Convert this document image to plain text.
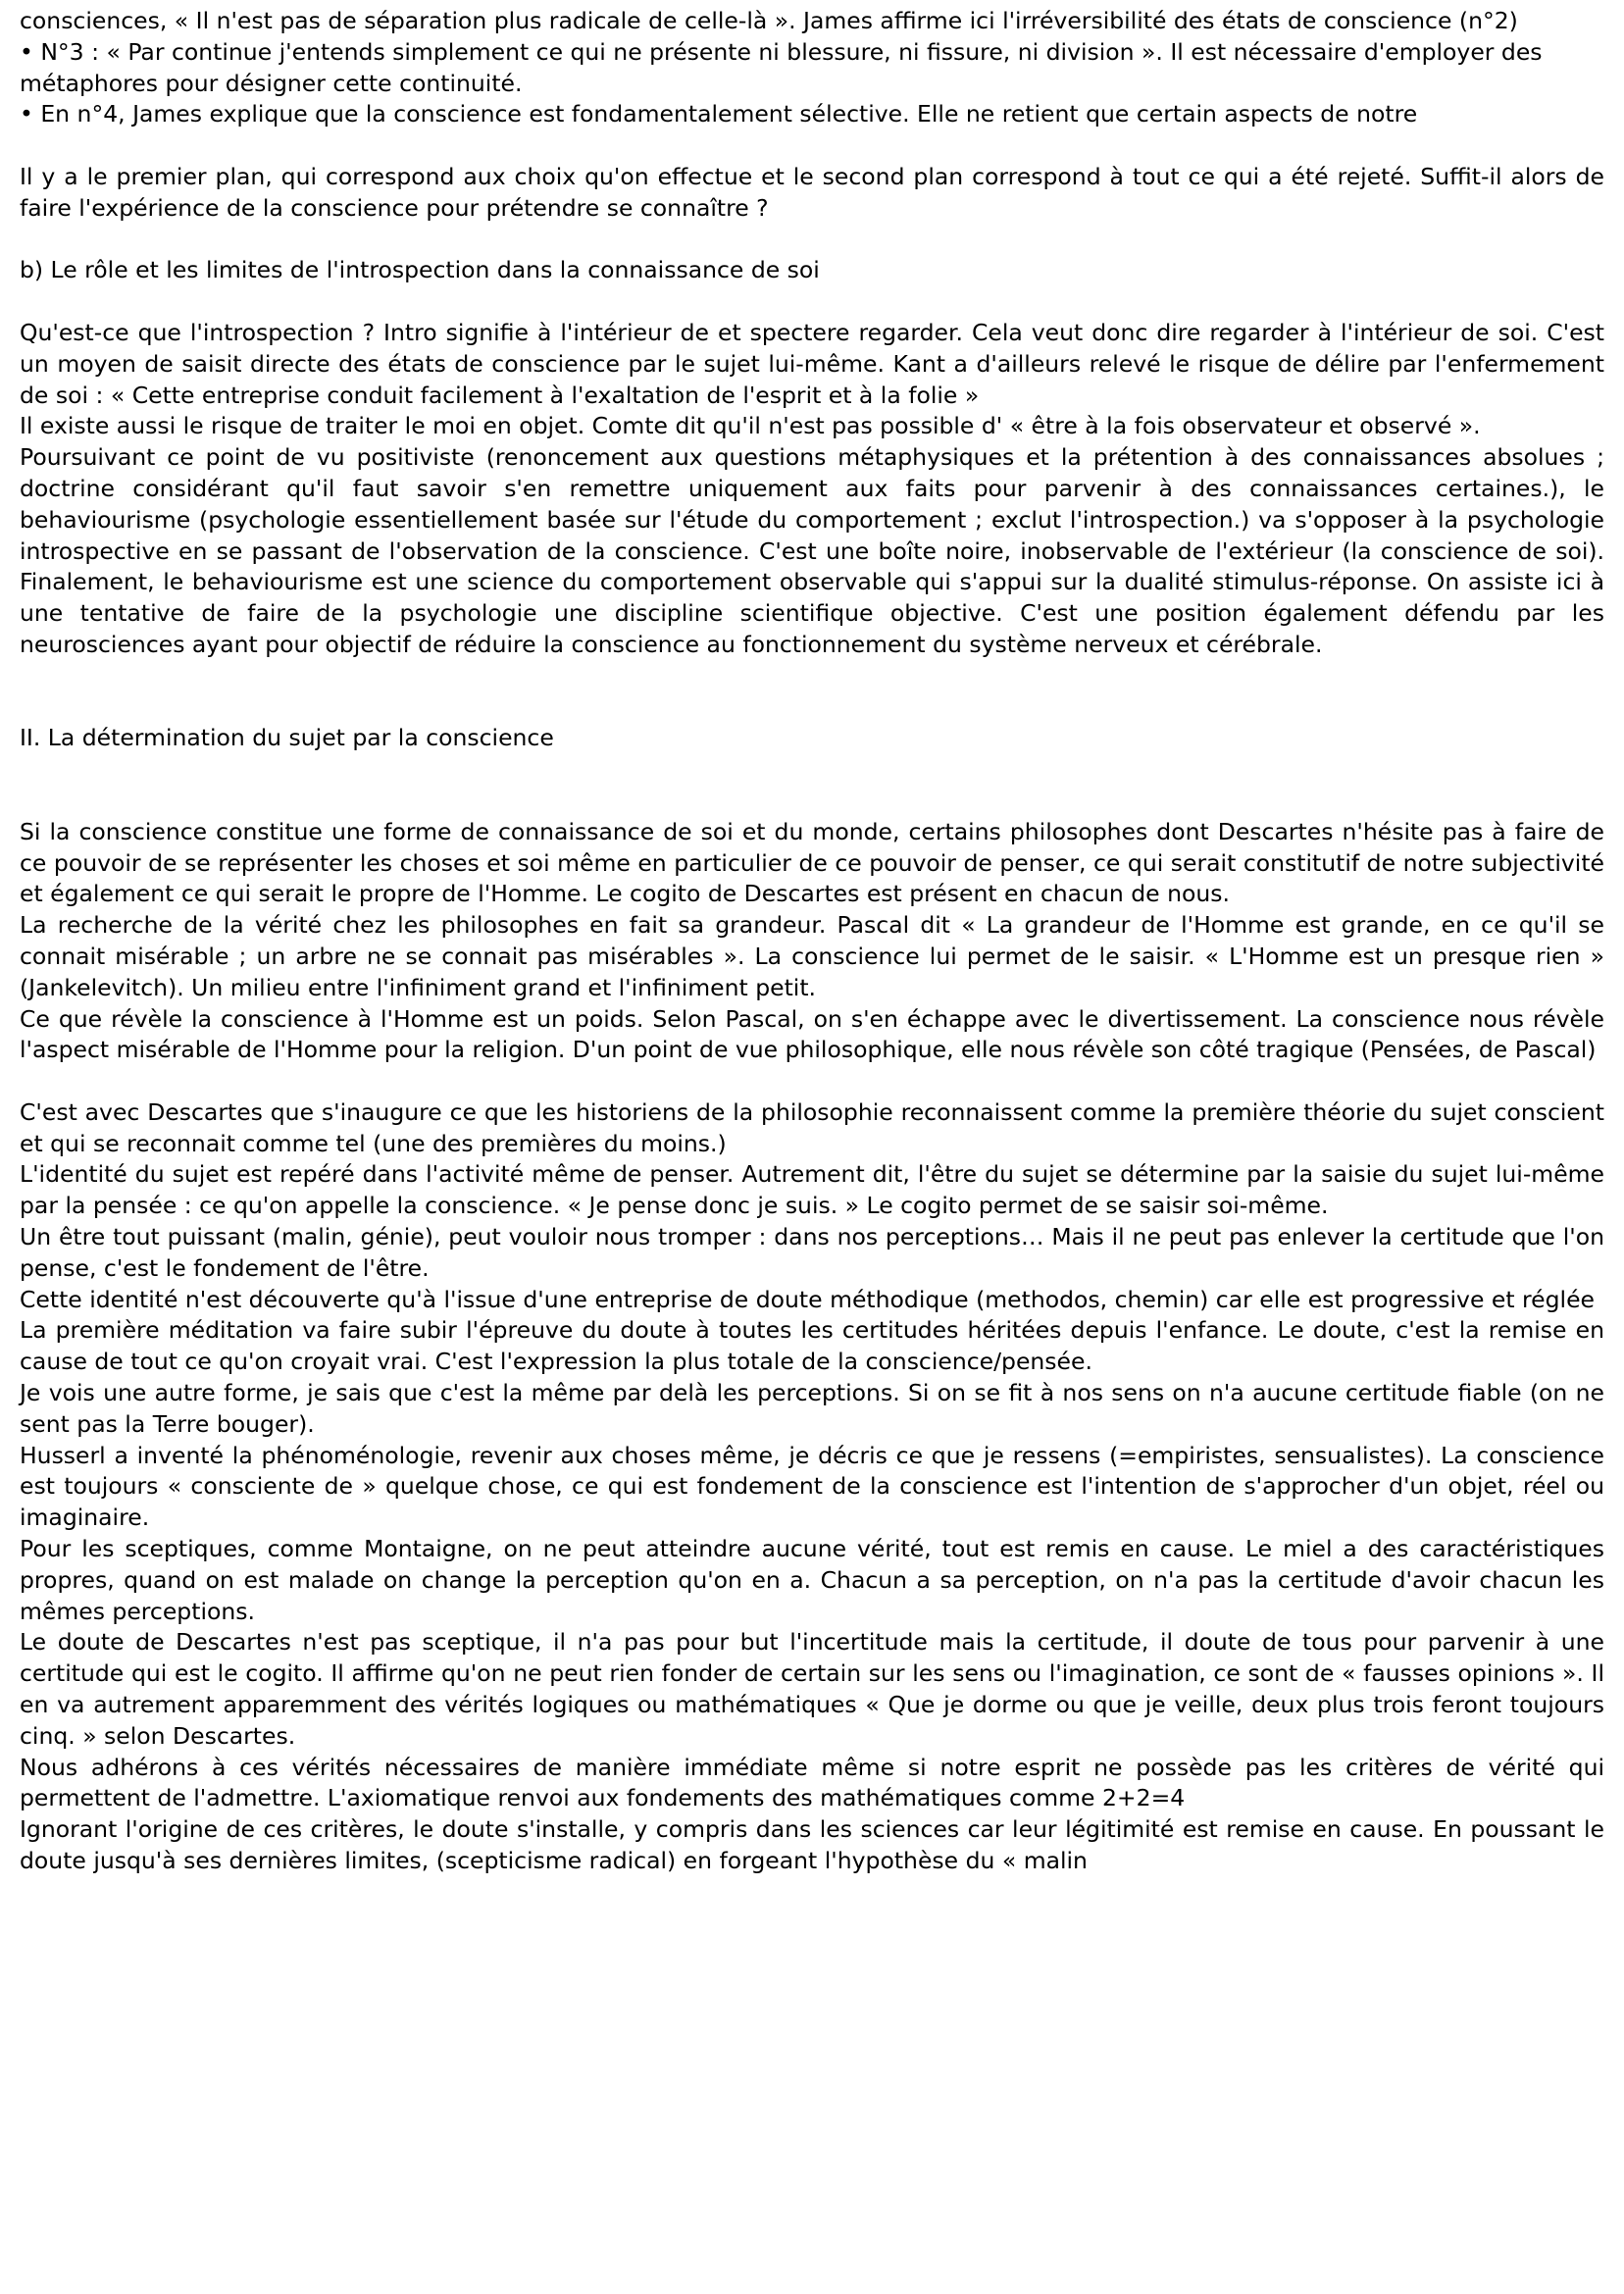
consciences, « Il n'est pas de séparation plus radicale de celle-là ». James affirme ici l'irréversibilité des états de conscience (n°2)

• N°3 : « Par continue j'entends simplement ce qui ne présente ni blessure, ni fissure, ni division ». Il est nécessaire d'employer des métaphores pour désigner cette continuité.

• En n°4, James explique que la conscience est fondamentalement sélective. Elle ne retient que certain aspects de notre

Il y a le premier plan, qui correspond aux choix qu'on effectue et le second plan correspond à tout ce qui a été rejeté. Suffit-il alors de faire l'expérience de la conscience pour prétendre se connaître ?

b) Le rôle et les limites de l'introspection dans la connaissance de soi

Qu'est-ce que l'introspection ? Intro signifie à l'intérieur de et spectere regarder. Cela veut donc dire regarder à l'intérieur de soi. C'est un moyen de saisit directe des états de conscience par le sujet lui-même. Kant a d'ailleurs relevé le risque de délire par l'enfermement de soi : « Cette entreprise conduit facilement à l'exaltation de l'esprit et à la folie »

Il existe aussi le risque de traiter le moi en objet. Comte dit qu'il n'est pas possible d' « être à la fois observateur et observé ».

Poursuivant ce point de vu positiviste (renoncement aux questions métaphysiques et la prétention à des connaissances absolues ; doctrine considérant qu'il faut savoir s'en remettre uniquement aux faits pour parvenir à des connaissances certaines.), le behaviourisme (psychologie essentiellement basée sur l'étude du comportement ; exclut l'introspection.) va s'opposer à la psychologie introspective en se passant de l'observation de la conscience. C'est une boîte noire, inobservable de l'extérieur (la conscience de soi). Finalement, le behaviourisme est une science du comportement observable qui s'appui sur la dualité stimulus-réponse. On assiste ici à une tentative de faire de la psychologie une discipline scientifique objective. C'est une position également défendu par les neurosciences ayant pour objectif de réduire la conscience au fonctionnement du système nerveux et cérébrale.

II. La détermination du sujet par la conscience

Si la conscience constitue une forme de connaissance de soi et du monde, certains philosophes dont Descartes n'hésite pas à faire de ce pouvoir de se représenter les choses et soi même en particulier de ce pouvoir de penser, ce qui serait constitutif de notre subjectivité et également ce qui serait le propre de l'Homme. Le cogito de Descartes est présent en chacun de nous.

La recherche de la vérité chez les philosophes en fait sa grandeur. Pascal dit « La grandeur de l'Homme est grande, en ce qu'il se connait misérable ; un arbre ne se connait pas misérables ». La conscience lui permet de le saisir. « L'Homme est un presque rien » (Jankelevitch). Un milieu entre l'infiniment grand et l'infiniment petit.

Ce que révèle la conscience à l'Homme est un poids. Selon Pascal, on s'en échappe avec le divertissement. La conscience nous révèle l'aspect misérable de l'Homme pour la religion. D'un point de vue philosophique, elle nous révèle son côté tragique (Pensées, de Pascal)

C'est avec Descartes que s'inaugure ce que les historiens de la philosophie reconnaissent comme la première théorie du sujet conscient et qui se reconnait comme tel (une des premières du moins.)

L'identité du sujet est repéré dans l'activité même de penser. Autrement dit, l'être du sujet se détermine par la saisie du sujet lui-même par la pensée : ce qu'on appelle la conscience. « Je pense donc je suis. » Le cogito permet de se saisir soi-même.

Un être tout puissant (malin, génie), peut vouloir nous tromper : dans nos perceptions… Mais il ne peut pas enlever la certitude que l'on pense, c'est le fondement de l'être.

Cette identité n'est découverte qu'à l'issue d'une entreprise de doute méthodique (methodos, chemin) car elle est progressive et réglée

La première méditation va faire subir l'épreuve du doute à toutes les certitudes héritées depuis l'enfance. Le doute, c'est la remise en cause de tout ce qu'on croyait vrai. C'est l'expression la plus totale de la conscience/pensée.

Je vois une autre forme, je sais que c'est la même par delà les perceptions. Si on se fit à nos sens on n'a aucune certitude fiable (on ne sent pas la Terre bouger).

Husserl a inventé la phénoménologie, revenir aux choses même, je décris ce que je ressens (=empiristes, sensualistes). La conscience est toujours « consciente de » quelque chose, ce qui est fondement de la conscience est l'intention de s'approcher d'un objet, réel ou imaginaire.

Pour les sceptiques, comme Montaigne, on ne peut atteindre aucune vérité, tout est remis en cause. Le miel a des caractéristiques propres, quand on est malade on change la perception qu'on en a. Chacun a sa perception, on n'a pas la certitude d'avoir chacun les mêmes perceptions.

Le doute de Descartes n'est pas sceptique, il n'a pas pour but l'incertitude mais la certitude, il doute de tous pour parvenir à une certitude qui est le cogito. Il affirme qu'on ne peut rien fonder de certain sur les sens ou l'imagination, ce sont de « fausses opinions ». Il en va autrement apparemment des vérités logiques ou mathématiques « Que je dorme ou que je veille, deux plus trois feront toujours cinq. » selon Descartes.

Nous adhérons à ces vérités nécessaires de manière immédiate même si notre esprit ne possède pas les critères de vérité qui permettent de l'admettre. L'axiomatique renvoi aux fondements des mathématiques comme 2+2=4

Ignorant l'origine de ces critères, le doute s'installe, y compris dans les sciences car leur légitimité est remise en cause. En poussant le doute jusqu'à ses dernières limites, (scepticisme radical) en forgeant l'hypothèse du « malin
